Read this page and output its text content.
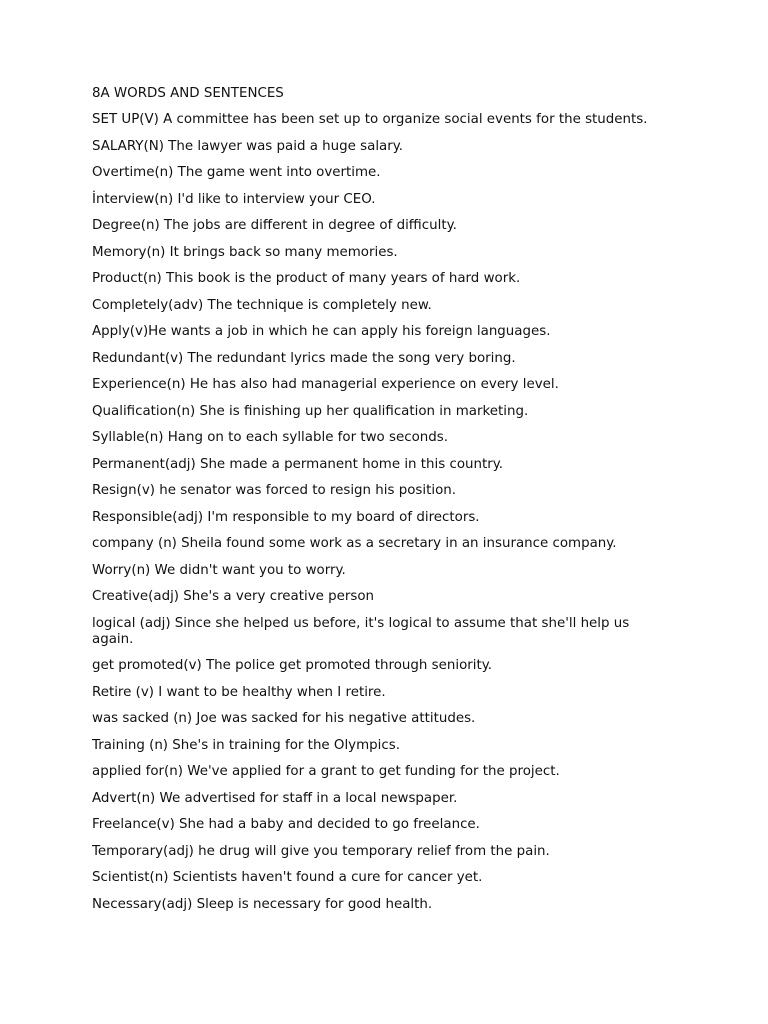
8A WORDS AND SENTENCES
SET UP(V) A committee has been set up to organize social events for the students.
SALARY(N) The lawyer was paid a huge salary.
Overtime(n) The game went into overtime.
İnterview(n) I'd like to interview your CEO.
Degree(n) The jobs are different in degree of difficulty.
Memory(n) It brings back so many memories.
Product(n) This book is the product of many years of hard work.
Completely(adv) The technique is completely new.
Apply(v)He wants a job in which he can apply his foreign languages.
Redundant(v) The redundant lyrics made the song very boring.
Experience(n) He has also had managerial experience on every level.
Qualification(n) She is finishing up her qualification in marketing.
Syllable(n) Hang on to each syllable for two seconds.
Permanent(adj) She made a permanent home in this country.
Resign(v) he senator was forced to resign his position.
Responsible(adj) I'm responsible to my board of directors.
company (n) Sheila found some work as a secretary in an insurance company.
Worry(n) We didn't want you to worry.
Creative(adj) She's a very creative person
logical (adj) Since she helped us before, it's logical to assume that she'll help us again.
get promoted(v) The police get promoted through seniority.
Retire (v) I want to be healthy when I retire.
was sacked (n) Joe was sacked for his negative attitudes.
Training (n) She's in training for the Olympics.
applied for(n) We've applied for a grant to get funding for the project.
Advert(n) We advertised for staff in a local newspaper.
Freelance(v) She had a baby and decided to go freelance.
Temporary(adj) he drug will give you temporary relief from the pain.
Scientist(n) Scientists haven't found a cure for cancer yet.
Necessary(adj) Sleep is necessary for good health.
